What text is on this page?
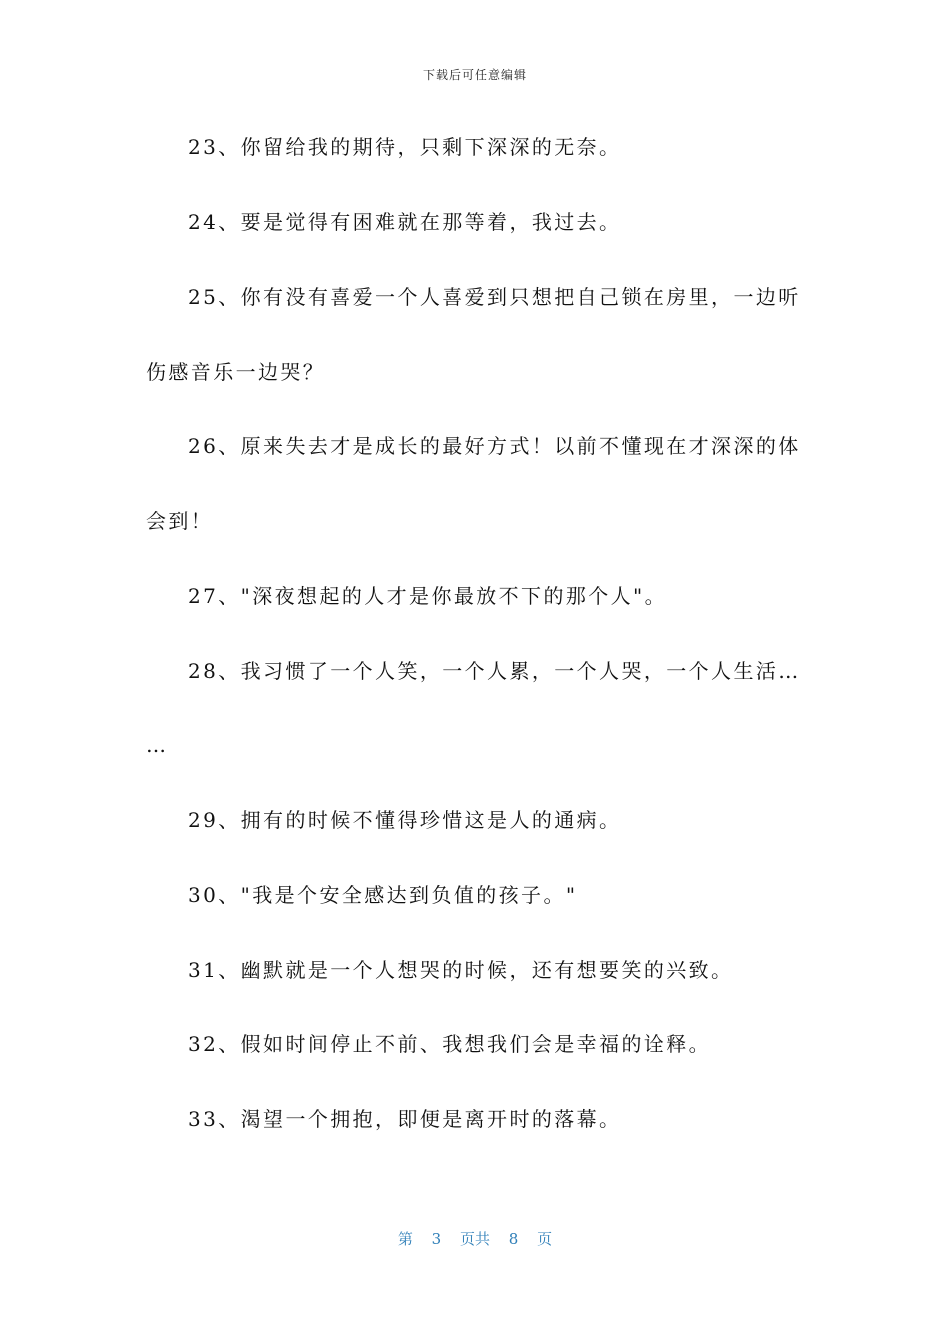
下载后可任意编辑
23、你留给我的期待，只剩下深深的无奈。
24、要是觉得有困难就在那等着，我过去。
25、你有没有喜爱一个人喜爱到只想把自己锁在房里，一边听
伤感音乐一边哭？
26、原来失去才是成长的最好方式！以前不懂现在才深深的体
会到！
27、"深夜想起的人才是你最放不下的那个人"。
28、我习惯了一个人笑，一个人累，一个人哭，一个人生活…
…
29、拥有的时候不懂得珍惜这是人的通病。
30、"我是个安全感达到负值的孩子。"
31、幽默就是一个人想哭的时候，还有想要笑的兴致。
32、假如时间停止不前、我想我们会是幸福的诠释。
33、渴望一个拥抱，即便是离开时的落幕。
第 3 页共 8 页
